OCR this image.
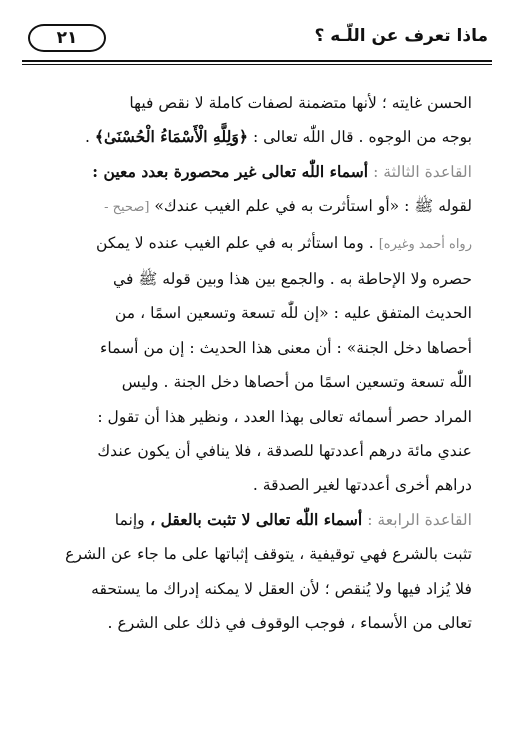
٢١	ماذا تعرف عن اللّـه ؟
الحسن غايته ؛ لأنها متضمنة لصفات كاملة لا نقص فيها
بوجه من الوجوه . قال اللّٰه تعالى : ﴿وَلِلَّهِ الْأَسْمَاءُ الْحُسْنَىٰ﴾ .
القاعدة الثالثة : أسماء اللّٰه تعالى غير محصورة بعدد معين :
لقوله ﷺ : «أو استأثرت به في علم الغيب عندك» [صحيح -
رواه أحمد وغيره] . وما استأثر به في علم الغيب عنده لا يمكن
حصره ولا الإحاطة به . والجمع بين هذا وبين قوله ﷺ في
الحديث المتفق عليه : «إن للّٰه تسعة وتسعين اسمًا ، من
أحصاها دخل الجنة» : أن معنى هذا الحديث : إن من أسماء
اللّٰه تسعة وتسعين اسمًا من أحصاها دخل الجنة . وليس
المراد حصر أسمائه تعالى بهذا العدد ، ونظير هذا أن تقول :
عندي مائة درهم أعددتها للصدقة ، فلا ينافي أن يكون عندك
دراهم أخرى أعددتها لغير الصدقة .
القاعدة الرابعة : أسماء اللّٰه تعالى لا تثبت بالعقل ، وإنما
تثبت بالشرع فهي توقيفية ، يتوقف إثباتها على ما جاء عن الشرع
فلا يُزاد فيها ولا يُنقص ؛ لأن العقل لا يمكنه إدراك ما يستحقه
تعالى من الأسماء ، فوجب الوقوف في ذلك على الشرع .
